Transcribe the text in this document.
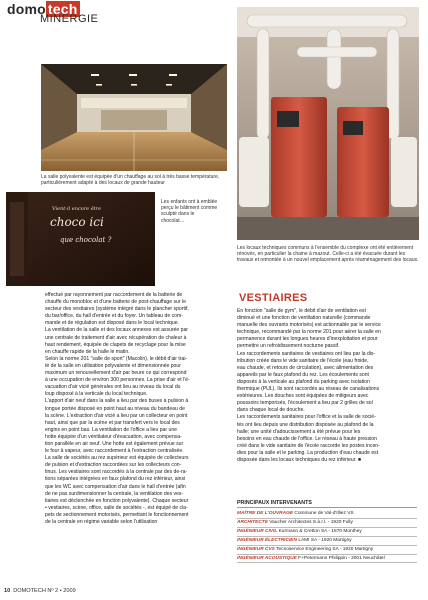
domo tech
MINERGIE
La salle polyvalente est équipée d'un chauffage au sol à très basse température, particulièrement adapté à des locaux de grande hauteur
Vient-il encore être
choco ici
que chocolat ?
Les enfants ont à emblée perçu le bâtiment comme sculpté dans le chocolat…
Les locaux techniques communs à l'ensemble du complexe ont été entièrement rénovés, en particulier la chaine à mazout. Celle-ci a été évacuée durant les travaux et remontée à un nouvel emplacement après réaménagement des locaux.
effectué par rayonnement par raccordement de la batterie de
chauffe du monobloc et d'une batterie de post-chauffage sur le
secteur des vestiaires (système intégré dans le plancher sportif,
du bar/office, du hall d'entrée et du foyer. Un tableau de com-
mande et de régulation est disposé dans le local technique.
La ventilation de la salle et des locaux annexes est assurée par
une centrale de traitement d'air avec récupération de chaleur à
haut rendement, équipée de clapets de recyclage pour la mise
en chauffe rapide de la halle le matin.
Selon la norme 201 "salle de sport" (Macolin), le débit d'air trai-
té de la salle en utilisation polyvalente et dimensionnée pour
maximum un renouvellement d'air par heure ce qui correspond
à une occupation de environ 300 personnes. La prise d'air et l'é-
vacuation d'air vicié générales ont lieu au niveau du local du
loup disposé à la verticale du local technique.
L'apport d'air neuf dans la salle a lieu par des buses à pulsion à
longue portée disposé en point haut au niveau du bandeau de
la scène. L'extraction d'air vicié a lieu par un collecteur en point
haut, ainsi que par la scène et par transfert vers le local des
engins en point bas. La ventilation de l'office a lieu par une
hotte équipée d'un ventilateur d'évacuation, avec compensa-
tion parallèle en air neuf. Une hotte est également prévue sur
le four à vapeur, avec raccordement à l'extraction centralisée.
La salle de sociétés au rez supérieur est équipée de collecteurs
de pulsion et d'extraction raccordées sur les collecteurs con-
tinus. Les vestiaires sont raccordés à la centrale par des de-ra-
tions séparées intégrées en faux plafond du rez inférieur, ainsi
que les WC avec compensation d'air dans le hall d'entrée (afin
de ne pas surdimensionner la centrale, la ventilation des ves-
tiaires est déclenchée en fonction polyvalente). Chaque secteur
• vestiaires, scène, office, salle de sociétés -, est équipé de cla-
pets de sectionnement motorisés, permettant le fonctionnement
de la centrale en régime variable selon l'utilisation
VESTIAIRES
En fonction "salle de gym", le débit d'air de ventilation est
diminué et une fonction de ventilation naturelle (commande
manuelle des ouvrants motorisés) est actionnable par le service
technique, recommandé par la norme 201 pour aérer la salle en
permanence durant les longues heures d'inexploitation et pour
permettre un refroidissement nocturne passif.
Les raccordements sanitaires de vestiaires ont lieu par la dis-
tribution créée dans le vide sanitaire de l'école (eau froide,
eau chaude, et retours de circulation), avec alimentation des
appareils par le faux plafond du rez. Les écoulements sont
disposés à la verticale au plafond du parking avec isolation
thermique (PUL). Ils sont raccordés au réseau de canalisations
extérieures. Les douches sont équipées de mitigeurs avec
poussoirs temporisés, l'écoulement a lieu par 2 grilles de sol
dans chaque local de douche.
Les raccordements sanitaires pour l'office et la salle de socié-
tés ont lieu depuis une distribution disposée au plafond de la
halle; une unité d'adoucissement a été prévue pour les
besoins en eau chaude de l'office. Le réseau à haute pression
créé dans le vide sanitaire de l'école raccorde les postes incen-
dies pour la salle et le parking. La production d'eau chaude est
disposée dans les locaux techniques du rez inférieur. ■
PRINCIPAUX INTERVENANTS
MAÎTRE DE L'OUVRAGE Commune de Val-d'Illiez VS
ARCHITECTE Vaucher Architectes S.à.r.l. - 1920 Fully
INGÉNIEUR CIVIL Kurmann & Cretton SA - 1870 Monthey
INGÉNIEUR ÉLECTRICIEN LAMI SA - 1920 Martigny
INGÉNIEUR CVS Tecnoservice Engineering SA - 1920 Martigny
INGÉNIEUR ACOUSTIQUE F+Petermann Philippin - 2001 Neuchâtel
10 DOMOTECH Nº 2 • 2009
